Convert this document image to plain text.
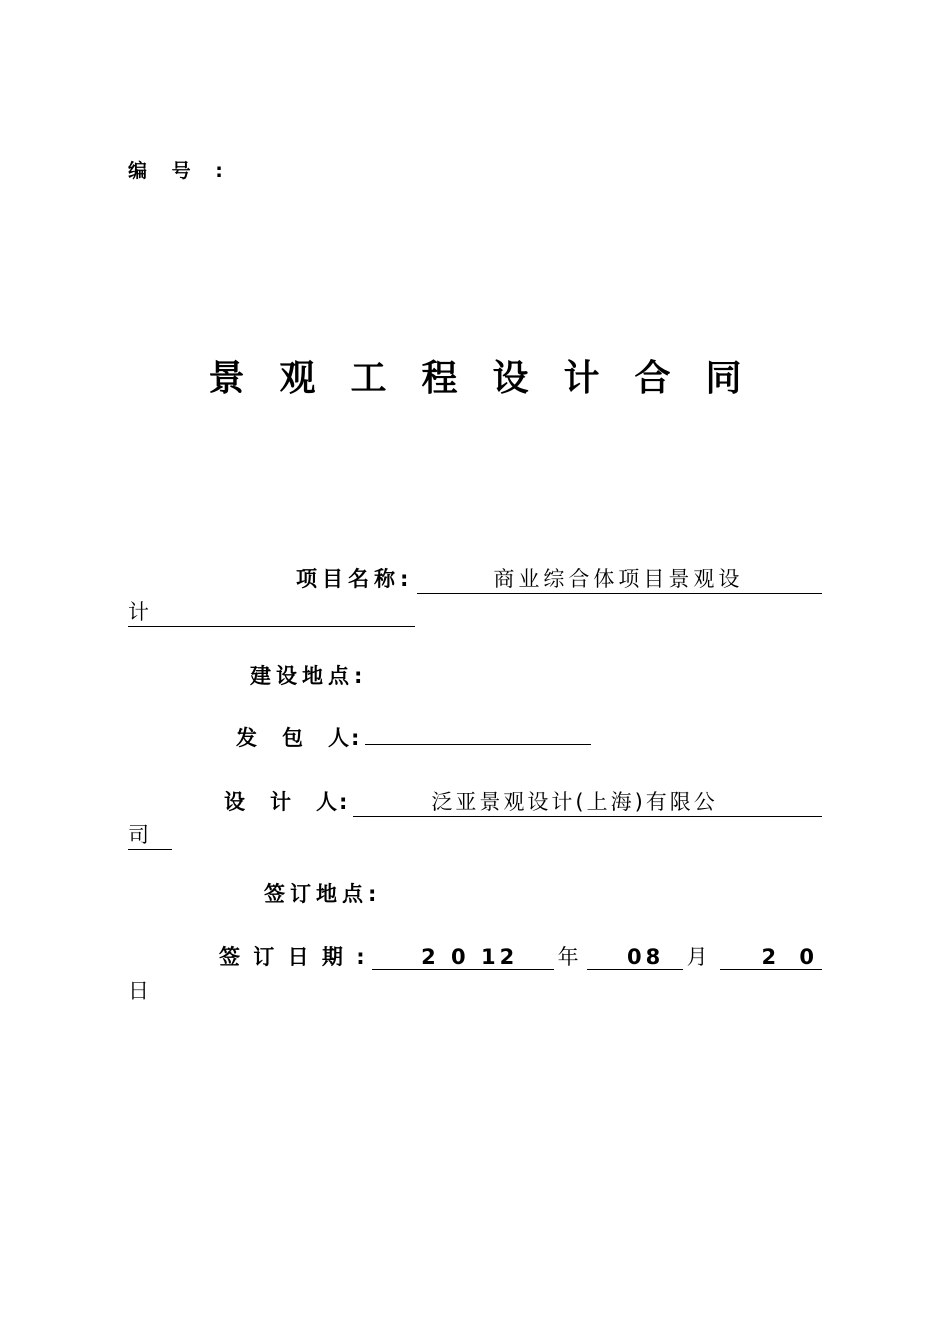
编 号 :
景 观 工 程 设 计 合 同
项目名称:	商业综合体项目景观设
计
建设地点:
发　包　人:
设　计　人:	泛亚景观设计(上海)有限公
司
签订地点:
签 订 日 期 :	2 0 12	年	08	月	2 0
日
